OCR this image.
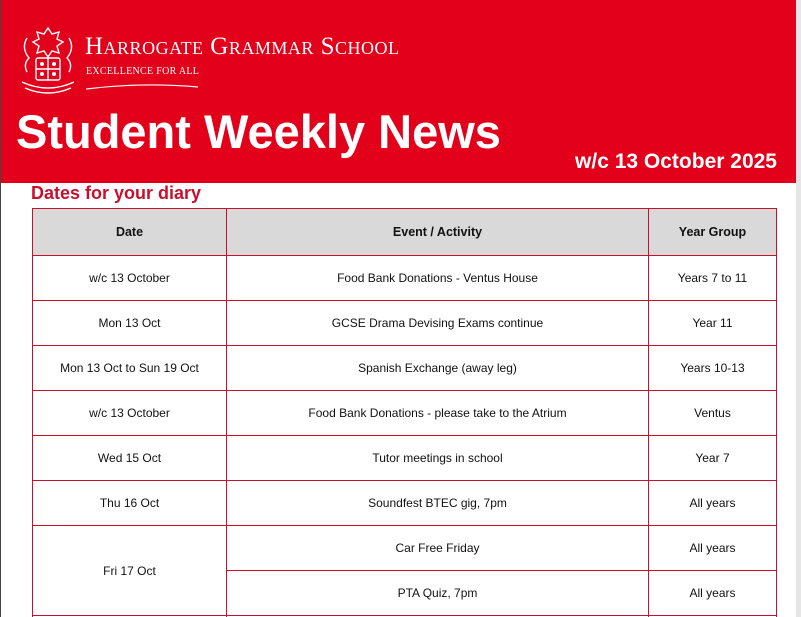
Harrogate Grammar School
EXCELLENCE FOR ALL
Student Weekly News
w/c 13 October 2025
Dates for your diary
Date	Event / Activity	Year Group
w/c 13 October	Food Bank Donations - Ventus House	Years 7 to 11
Mon 13 Oct	GCSE Drama Devising Exams continue	Year 11
Mon 13 Oct to Sun 19 Oct	Spanish Exchange (away leg)	Years 10-13
w/c 13 October	Food Bank Donations - please take to the Atrium	Ventus
Wed 15 Oct	Tutor meetings in school	Year 7
Thu 16 Oct	Soundfest BTEC gig, 7pm	All years
Fri 17 Oct	Car Free Friday	All years
	PTA Quiz, 7pm	All years
